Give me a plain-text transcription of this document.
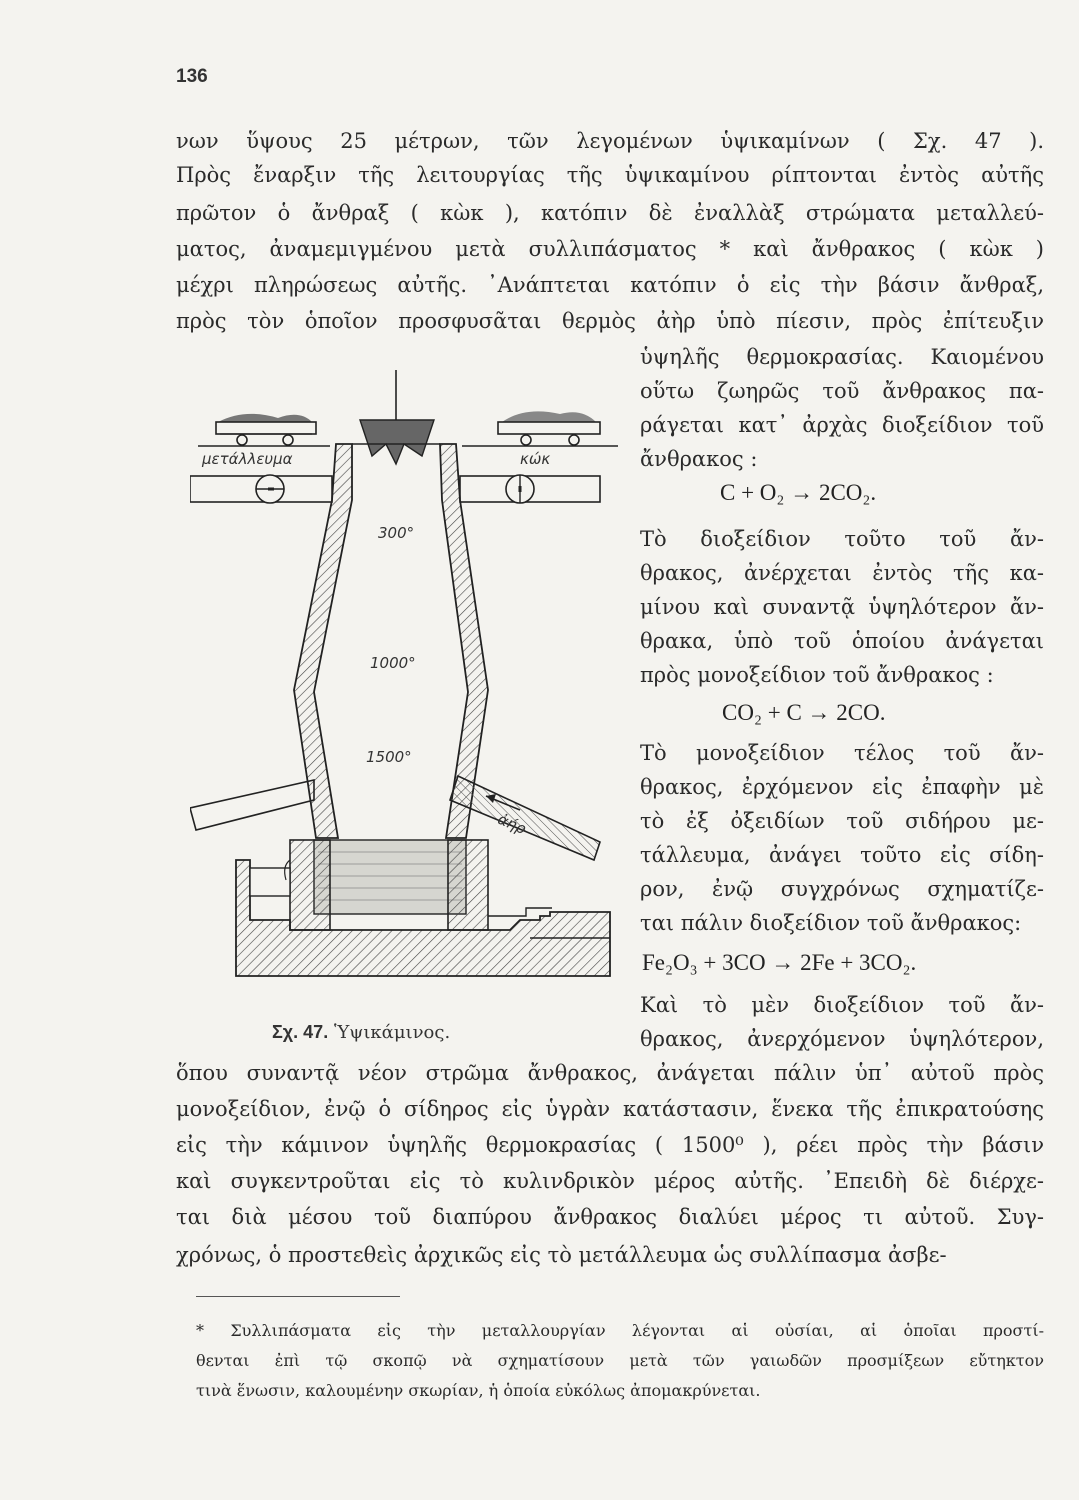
136
νων ὕψους 25 μέτρων, τῶν λεγομένων ὑψικαμίνων ( Σχ. 47 ).
Πρὸς ἔναρξιν τῆς λειτουργίας τῆς ὑψικαμίνου ρίπτονται ἐντὸς αὐτῆς
πρῶτον ὁ ἄνθραξ ( κὼκ ), κατόπιν δὲ ἐναλλὰξ στρώματα μεταλλεύ-
ματος, ἀναμεμιγμένου μετὰ συλλιπάσματος * καὶ ἄνθρακος ( κὼκ )
μέχρι πληρώσεως αὐτῆς. ᾿Ανάπτεται κατόπιν ὁ εἰς τὴν βάσιν ἄνθραξ,
πρὸς τὸν ὁποῖον προσφυσᾶται θερμὸς ἀὴρ ὑπὸ πίεσιν, πρὸς ἐπίτευξιν

ὑψηλῆς θερμοκρασίας. Καιομένου

οὕτω ζωηρῶς τοῦ ἄνθρακος πα-

ράγεται κατ᾿ ἀρχὰς διοξείδιον τοῦ

ἄνθρακος :

C + O₂ → 2CO₂.

Τὸ διοξείδιον τοῦτο τοῦ ἄν-

θρακος, ἀνέρχεται ἐντὸς τῆς κα-

μίνου καὶ συναντᾷ ὑψηλότερον ἄν-

θρακα, ὑπὸ τοῦ ὁποίου ἀνάγεται

πρὸς μονοξείδιον τοῦ ἄνθρακος :

CO₂ + C → 2CO.

Τὸ μονοξείδιον τέλος τοῦ ἄν-

θρακος, ἐρχόμενον εἰς ἐπαφὴν μὲ

τὸ ἐξ ὀξειδίων τοῦ σιδήρου με-

τάλλευμα, ἀνάγει τοῦτο εἰς σίδη-

ρον, ἐνῷ συγχρόνως σχηματίζε-

ται πάλιν διοξείδιον τοῦ ἄνθρακος:

Fe₂O₃ + 3CO → 2Fe + 3CO₂.

Καὶ τὸ μὲν διοξείδιον τοῦ ἄν-

θρακος, ἀνερχόμενον ὑψηλότερον,

ὅπου συναντᾷ νέον στρῶμα ἄνθρακος, ἀνάγεται πάλιν ὑπ᾿ αὐτοῦ πρὸς
μονοξείδιον, ἐνῷ ὁ σίδηρος εἰς ὑγρὰν κατάστασιν, ἕνεκα τῆς ἐπικρατούσης
εἰς τὴν κάμινον ὑψηλῆς θερμοκρασίας ( 1500⁰ ), ρέει πρὸς τὴν βάσιν
καὶ συγκεντροῦται εἰς τὸ κυλινδρικὸν μέρος αὐτῆς. ᾿Επειδὴ δὲ διέρχε-
ται διὰ μέσου τοῦ διαπύρου ἄνθρακος διαλύει μέρος τι αὐτοῦ. Συγ-
χρόνως, ὁ προστεθεὶς ἀρχικῶς εἰς τὸ μετάλλευμα ὡς συλλίπασμα ἀσβε-
μετάλλευμα	κώκ
300°
1000°
1500°
ἀήρ
Σχ. 47. Ὑψικάμινος.
* Συλλιπάσματα εἰς τὴν μεταλλουργίαν λέγονται αἱ οὐσίαι, αἱ ὁποῖαι προστί-
θενται ἐπὶ τῷ σκοπῷ νὰ σχηματίσουν μετὰ τῶν γαιωδῶν προσμίξεων εὔτηκτον
τινὰ ἕνωσιν, καλουμένην σκωρίαν, ἡ ὁποία εὐκόλως ἀπομακρύνεται.
